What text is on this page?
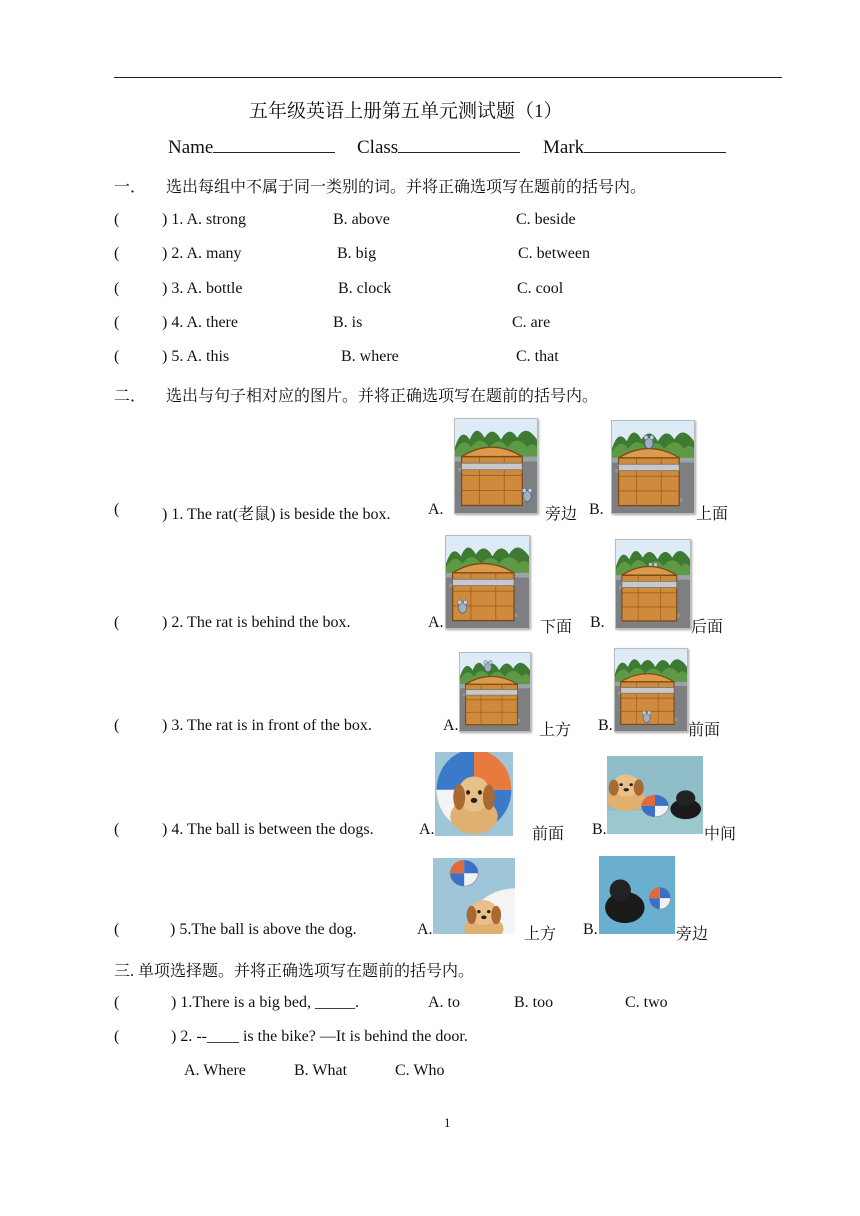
五年级英语上册第五单元测试题（1）
Name	Class	Mark
一． 选出每组中不属于同一类别的词。并将正确选项写在题前的括号内。
(	) 1. A. strong	B. above	C. beside
(	) 2. A. many	B. big	C. between
(	) 3. A. bottle	B. clock	C. cool
(	) 4. A. there	B. is	C. are
(	) 5. A. this	B. where	C. that
二． 选出与句子相对应的图片。并将正确选项写在题前的括号内。
(	) 1. The rat(老鼠) is beside the box. A.	旁边 B.	上面
(	) 2. The rat is behind the box.	A.	下面 B.	后面
(	) 3. The rat is in front of the box.	A.	上方 B.	前面
(	) 4. The ball is between the dogs.	A.	前面 B.	中间
(	) 5.The ball is above the dog.	A.	上方 B.	旁边
三. 单项选择题。并将正确选项写在题前的括号内。
(	) 1.There is a big bed, _____.	A. to	B. too	C. two
(	) 2. --____ is the bike? —It is behind the door.
A. Where	B. What	C. Who
1
